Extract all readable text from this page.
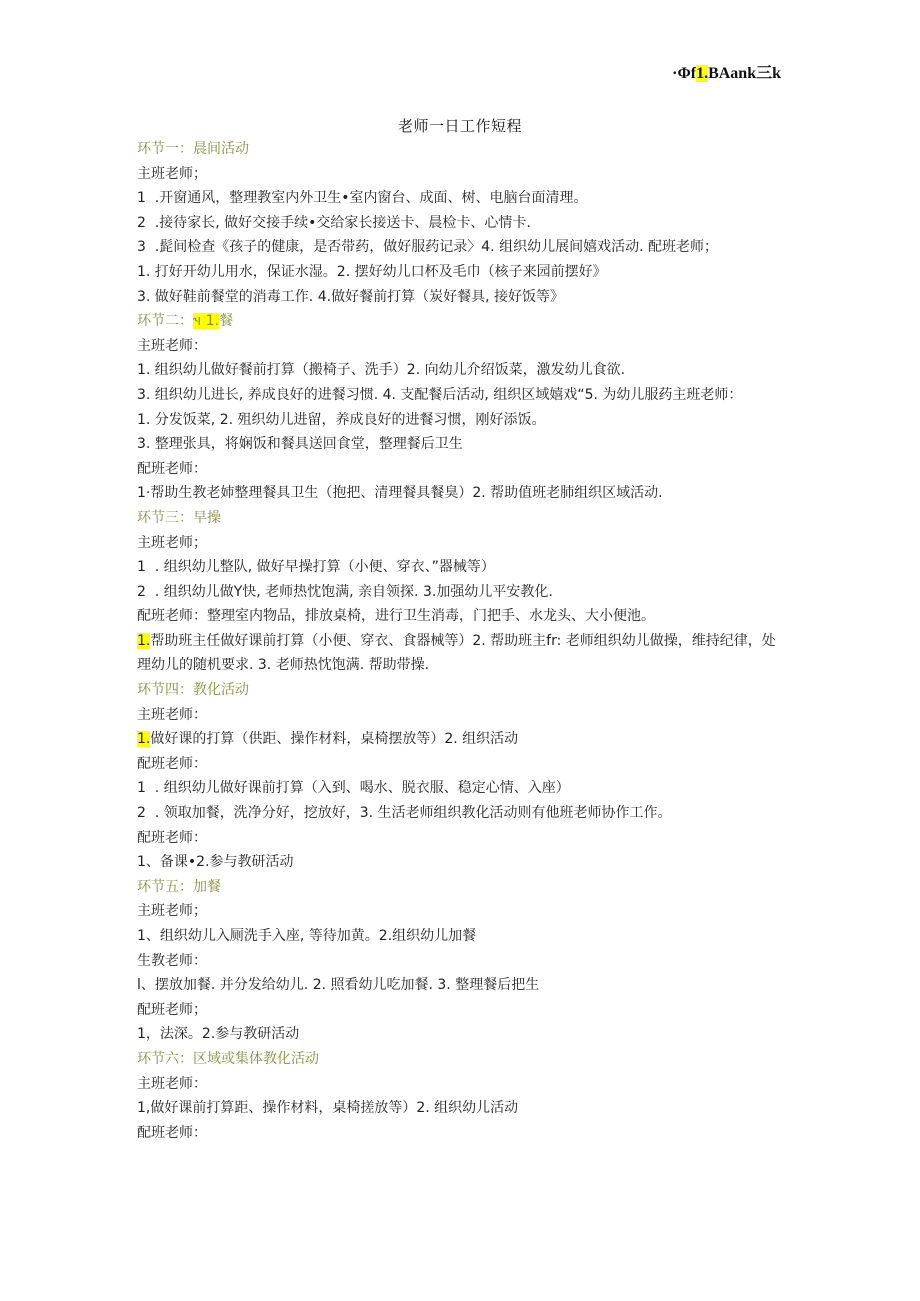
·Φf1.BAank三k
老师一日工作短程
环节一：晨间活动
主班老师；
1  .开窗通风，整理教室内外卫生•室内窗台、成面、树、电脑台面清理。
2  .接待家长, 做好交接手续•交给家长接送卡、晨检卡、心情卡.
3  .髭间检查《孩子的健康，是否带药，做好服药记录〉4. 组织幼儿展间嬉戏活动. 配班老师；
1. 打好开幼儿用水，保证水湿。2. 摆好幼儿口杯及毛巾（核子来园前摆好》
3. 做好鞋前餐堂的消毒工作. 4.做好餐前打算（炭好餐具, 接好饭等》
环节二：˞ı 1.餐
主班老师：
1. 组织幼儿做好餐前打算（搬椅子、洗手）2. 向幼儿介绍饭菜，激发幼儿食欲.
3. 组织幼儿进长, 养成良好的进餐习惯. 4. 支配餐后活动, 组织区域嬉戏“5. 为幼儿服药主班老师：
1. 分发饭菜, 2. 殂织幼儿进留，养成良好的进餐习惯，刚好添饭。
3. 整理张具，将娴饭和餐具送回食堂，整理餐后卫生
配班老师：
1·帮助生教老姉整理餐具卫生（抱把、清理餐具餐臭）2. 帮助值班老肺组织区域活动.
环节三：早操
主班老师；
1  . 组织幼儿整队, 做好早操打算（小便、穿衣、”器械等）
2  . 组织幼儿做Y快, 老师热忱饱满, 亲自领探. 3.加强幼儿平安教化.
配班老师：整理室内物品，排放桌椅，进行卫生消毒，门把手、水龙头、大小便池。
1.帮助班主任做好课前打算（小便、穿衣、食器械等）2. 帮助班主fr: 老师组织幼儿做操，维持纪律，处理幼儿的随机要求. 3. 老师热忱饱满. 帮助带操.
环节四：教化活动
主班老师：
1.做好课的打算（供距、操作材料，桌椅摆放等）2. 组织活动
配班老师：
1  . 组织幼儿做好课前打算（入到、喝水、脱衣服、稳定心情、入座）
2  . 领取加餐，洗净分好，挖放好，3. 生活老师组织教化活动则有他班老师协作工作。
配班老师：
1、备课•2.参与教研活动
环节五：加餐
主班老师；
1、组织幼儿入厕洗手入座, 等待加黄。2.组织幼儿加餐
生教老师：
l、摆放加餐. 并分发给幼儿. 2. 照看幼儿吃加餐. 3. 整理餐后把生
配班老师；
1，法深。2.参与教研活动
环节六：区域或集体教化活动
主班老师：
1,做好课前打算距、操作材料，桌椅搓放等）2. 组织幼儿活动
配班老师：
